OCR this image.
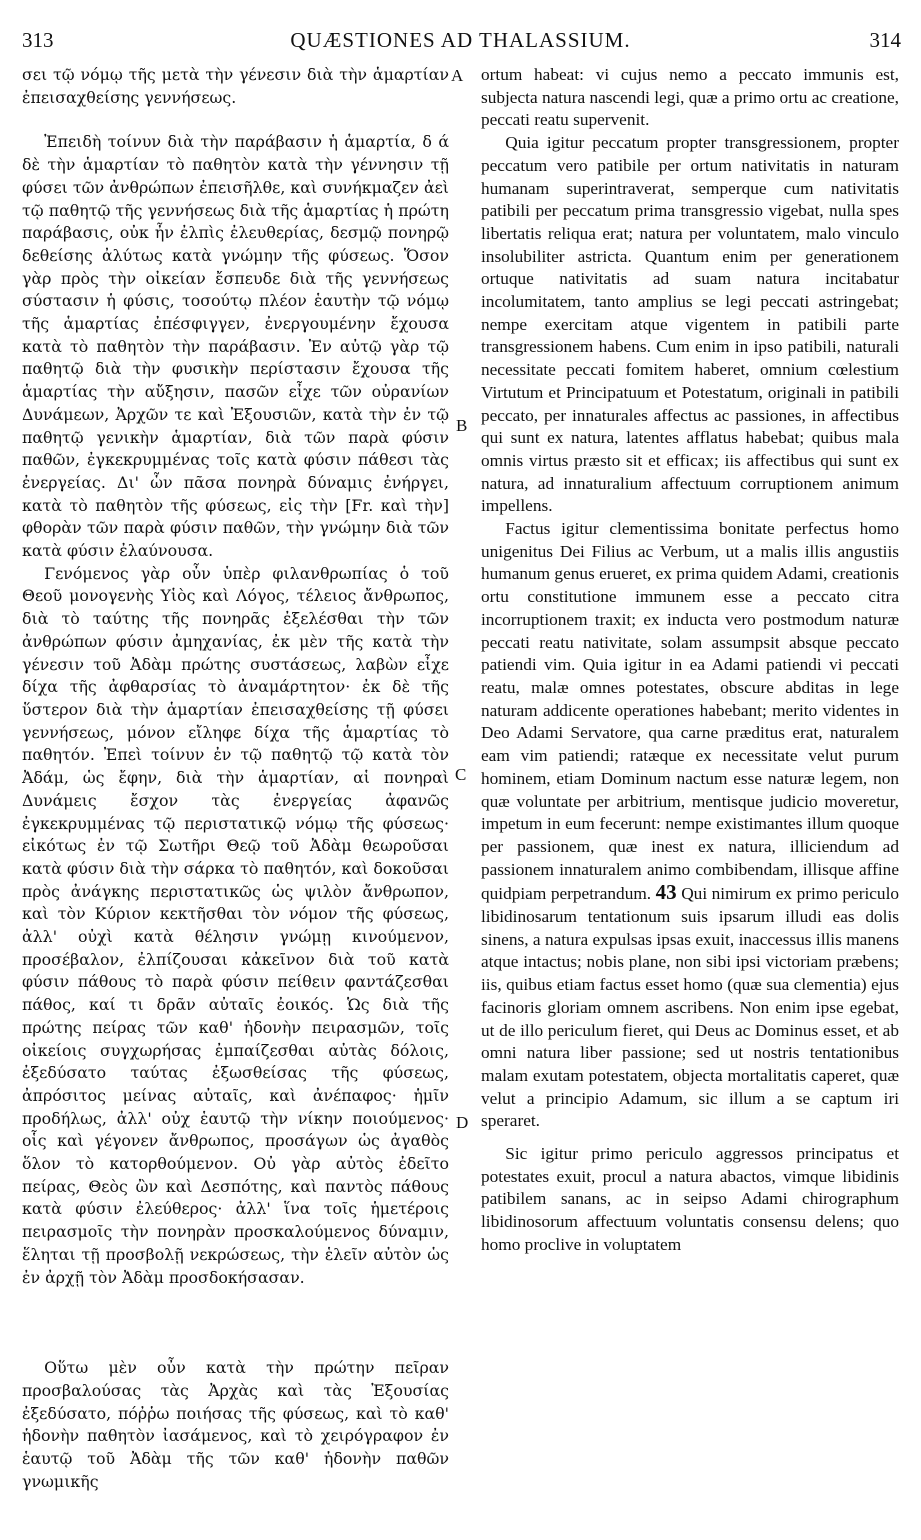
313	QUÆSTIONES AD THALASSIUM.	314

σει τῷ νόμῳ τῆς μετὰ τὴν γένεσιν διὰ τὴν ἁμαρτίαν ἐπεισαχθείσης γεννήσεως.

Ἐπειδὴ τοίνυν διὰ τὴν παράβασιν ἡ ἁμαρτία, δ ά δὲ τὴν ἁμαρτίαν τὸ παθητὸν κατὰ τὴν γέννησιν τῇ φύσει τῶν ἀνθρώπων ἐπεισῆλθε, καὶ συνήκμαζεν ἀεὶ τῷ παθητῷ τῆς γεννήσεως διὰ τῆς ἁμαρτίας ἡ πρώτη παράβασις, οὐκ ἦν ἐλπὶς ἐλευθερίας, δεσμῷ πονηρῷ δεθείσης ἀλύτως κατὰ γνώμην τῆς φύσεως. Ὅσον γὰρ πρὸς τὴν οἰκείαν ἔσπευδε διὰ τῆς γεννήσεως σύστασιν ἡ φύσις, τοσούτῳ πλέον ἑαυτὴν τῷ νόμῳ τῆς ἁμαρτίας ἐπέσφιγγεν, ἐνεργουμένην ἔχουσα κατὰ τὸ παθητὸν τὴν παράβασιν. Ἐν αὐτῷ γὰρ τῷ παθητῷ διὰ τὴν φυσικὴν περίστασιν ἔχουσα τῆς ἁμαρτίας τὴν αὔξησιν, πασῶν εἶχε τῶν οὐρανίων Δυνάμεων, Ἀρχῶν τε καὶ Ἐξουσιῶν, κατὰ τὴν ἐν τῷ παθητῷ γενικὴν ἁμαρτίαν, διὰ τῶν παρὰ φύσιν παθῶν, ἐγκεκρυμμένας τοῖς κατὰ φύσιν πάθεσι τὰς ἐνεργείας. Δι' ὧν πᾶσα πονηρὰ δύναμις ἐνήργει, κατὰ τὸ παθητὸν τῆς φύσεως, εἰς τὴν [Fr. καὶ τὴν] φθορὰν τῶν παρὰ φύσιν παθῶν, τὴν γνώμην διὰ τῶν κατὰ φύσιν ἐλαύνουσα.

Γενόμενος γὰρ οὖν ὑπὲρ φιλανθρωπίας ὁ τοῦ Θεοῦ μονογενὴς Υἱὸς καὶ Λόγος, τέλειος ἄνθρωπος, διὰ τὸ ταύτης τῆς πονηρᾶς ἐξελέσθαι τὴν τῶν ἀνθρώπων φύσιν ἀμηχανίας, ἐκ μὲν τῆς κατὰ τὴν γένεσιν τοῦ Ἀδὰμ πρώτης συστάσεως, λαβὼν εἶχε δίχα τῆς ἀφθαρσίας τὸ ἀναμάρτητον· ἐκ δὲ τῆς ὕστερον διὰ τὴν ἁμαρτίαν ἐπεισαχθείσης τῇ φύσει γεννήσεως, μόνον εἴληφε δίχα τῆς ἁμαρτίας τὸ παθητόν. Ἐπεὶ τοίνυν ἐν τῷ παθητῷ τῷ κατὰ τὸν Ἀδάμ, ὡς ἔφην, διὰ τὴν ἁμαρτίαν, αἱ πονηραὶ Δυνάμεις ἔσχον τὰς ἐνεργείας ἀφανῶς ἐγκεκρυμμένας τῷ περιστατικῷ νόμῳ τῆς φύσεως· εἰκότως ἐν τῷ Σωτῆρι Θεῷ τοῦ Ἀδὰμ θεωροῦσαι κατὰ φύσιν διὰ τὴν σάρκα τὸ παθητόν, καὶ δοκοῦσαι πρὸς ἀνάγκης περιστατικῶς ὡς ψιλὸν ἄνθρωπον, καὶ τὸν Κύριον κεκτῆσθαι τὸν νόμον τῆς φύσεως, ἀλλ' οὐχὶ κατὰ θέλησιν γνώμῃ κινούμενον, προσέβαλον, ἐλπίζουσαι κἀκεῖνον διὰ τοῦ κατὰ φύσιν πάθους τὸ παρὰ φύσιν πείθειν φαντάζεσθαι πάθος, καί τι δρᾶν αὐταῖς ἐοικός. Ὡς διὰ τῆς πρώτης πείρας τῶν καθ' ἡδονὴν πειρασμῶν, τοῖς οἰκείοις συγχωρήσας ἐμπαίζεσθαι αὐτὰς δόλοις, ἐξεδύσατο ταύτας ἐξωσθείσας τῆς φύσεως, ἀπρόσιτος μείνας αὐταῖς, καὶ ἀνέπαφος· ἡμῖν προδήλως, ἀλλ' οὐχ ἑαυτῷ τὴν νίκην ποιούμενος· οἷς καὶ γέγονεν ἄνθρωπος, προσάγων ὡς ἀγαθὸς ὅλον τὸ κατορθούμενον. Οὐ γὰρ αὐτὸς ἐδεῖτο πείρας, Θεὸς ὢν καὶ Δεσπότης, καὶ παντὸς πάθους κατὰ φύσιν ἐλεύθερος· ἀλλ' ἵνα τοῖς ἡμετέροις πειρασμοῖς τὴν πονηρὰν προσκαλούμενος δύναμιν, ἕληται τῇ προσβολῇ νεκρώσεως, τὴν ἑλεῖν αὐτὸν ὡς ἐν ἀρχῇ τὸν Ἀδὰμ προσδοκήσασαν.

Οὕτω μὲν οὖν κατὰ τὴν πρώτην πεῖραν προσβαλούσας τὰς Ἀρχὰς καὶ τὰς Ἐξουσίας ἐξεδύσατο, πόῤῥω ποιήσας τῆς φύσεως, καὶ τὸ καθ' ἡδονὴν παθητὸν ἰασάμενος, καὶ τὸ χειρόγραφον ἐν ἑαυτῷ τοῦ Ἀδὰμ τῆς τῶν καθ' ἡδονὴν παθῶν γνωμικῆς

ortum habeat: vi cujus nemo a peccato immunis est, subjecta natura nascendi legi, quæ a primo ortu ac creatione, peccati reatu supervenit.

Quia igitur peccatum propter transgressionem, propter peccatum vero patibile per ortum nativitatis in naturam humanam superintraverat, semperque cum nativitatis patibili per peccatum prima transgressio vigebat, nulla spes libertatis reliqua erat; natura per voluntatem, malo vinculo insolubiliter astricta. Quantum enim per generationem ortuque nativitatis ad suam natura incitabatur incolumitatem, tanto amplius se legi peccati astringebat; nempe exercitam atque vigentem in patibili parte transgressionem habens. Cum enim in ipso patibili, naturali necessitate peccati fomitem haberet, omnium cœlestium Virtutum et Principatuum et Potestatum, originali in patibili peccato, per innaturales affectus ac passiones, in affectibus qui sunt ex natura, latentes afflatus habebat; quibus mala omnis virtus præsto sit et efficax; iis affectibus qui sunt ex natura, ad innaturalium affectuum corruptionem animum impellens.

Factus igitur clementissima bonitate perfectus homo unigenitus Dei Filius ac Verbum, ut a malis illis angustiis humanum genus erueret, ex prima quidem Adami, creationis ortu constitutione immunem esse a peccato citra incorruptionem traxit; ex inducta vero postmodum naturæ peccati reatu nativitate, solam assumpsit absque peccato patiendi vim. Quia igitur in ea Adami patiendi vi peccati reatu, malæ omnes potestates, obscure abditas in lege naturam addicente operationes habebant; merito videntes in Deo Adami Servatore, qua carne præditus erat, naturalem eam vim patiendi; ratæque ex necessitate velut purum hominem, etiam Dominum nactum esse naturæ legem, non quæ voluntate per arbitrium, mentisque judicio moveretur, impetum in eum fecerunt: nempe existimantes illum quoque per passionem, quæ inest ex natura, illiciendum ad passionem innaturalem animo combibendam, illisque affine quidpiam perpetrandum. 43 Qui nimirum ex primo periculo libidinosarum tentationum suis ipsarum illudi eas dolis sinens, a natura expulsas ipsas exuit, inaccessus illis manens atque intactus; nobis plane, non sibi ipsi victoriam præbens; iis, quibus etiam factus esset homo (quæ sua clementia) ejus facinoris gloriam omnem ascribens. Non enim ipse egebat, ut de illo periculum fieret, qui Deus ac Dominus esset, et ab omni natura liber passione; sed ut nostris tentationibus malam exutam potestatem, objecta mortalitatis caperet, quæ velut a principio Adamum, sic illum a se captum iri speraret.

Sic igitur primo periculo aggressos principatus et potestates exuit, procul a natura abactos, vimque libidinis patibilem sanans, ac in seipso Adami chirographum libidinosorum affectuum voluntatis consensu delens; quo homo proclive in voluptatem

A
B
C
D
